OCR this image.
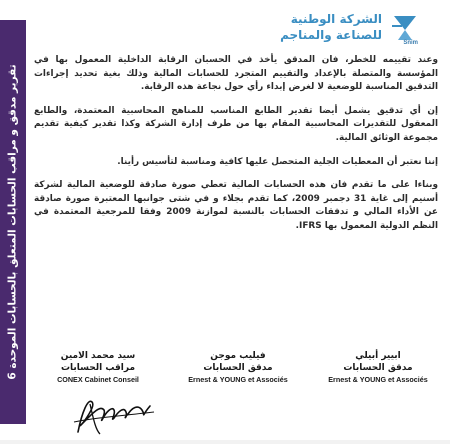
6 تقرير مدقق و مراقب الحسابات المتعلق بالحسابات الموحدة
Snim
الشركة الوطنية
للصناعة والمناجم

وعند تقييمه للخطر، فان المدقق يأخذ في الحسبان الرقابة الداخلية المعمول بها في المؤسسة والمتصلة بالإعداد والتقييم المتجرد للحسابات المالية وذلك بغية تحديد إجراءات التدقيق المناسبة للوضعية لا لغرض إبداء رأي حول نجاعة هذه الرقابة.

إن أي تدقيق يشمل أيضا تقدير الطابع المناسب للمناهج المحاسبية المعتمدة، والطابع المعقول للتقديرات المحاسبية المقام بها من طرف إدارة الشركة وكذا تقدير كيفية تقديم مجموعة الوثائق المالية.

إننا نعتبر أن المعطيات الجلية المتحصل عليها كافية ومناسبة لتأسيس رأينا.

وبناءا على ما تقدم فان هذه الحسابات المالية تعطي صورة صادقة للوضعية المالية لشركة أسنيم إلى غاية 31 دجمبر 2009، كما تقدم بجلاء و في شتى جوانبها المعتبرة صورة صادقة عن الأداء المالي و تدفقات الحسابات بالنسبة لموازنة 2009 وفقا للمرجعية المعتمدة في النظم الدولية المعمول بها IFRS.

ابيير أبيلي
مدقق الحسابات
Ernest & YOUNG et Associés
فيليب موجن
مدقق الحسابات
Ernest & YOUNG et Associés
سيد محمد الامين
مراقب الحسابات
CONEX Cabinet Conseil
